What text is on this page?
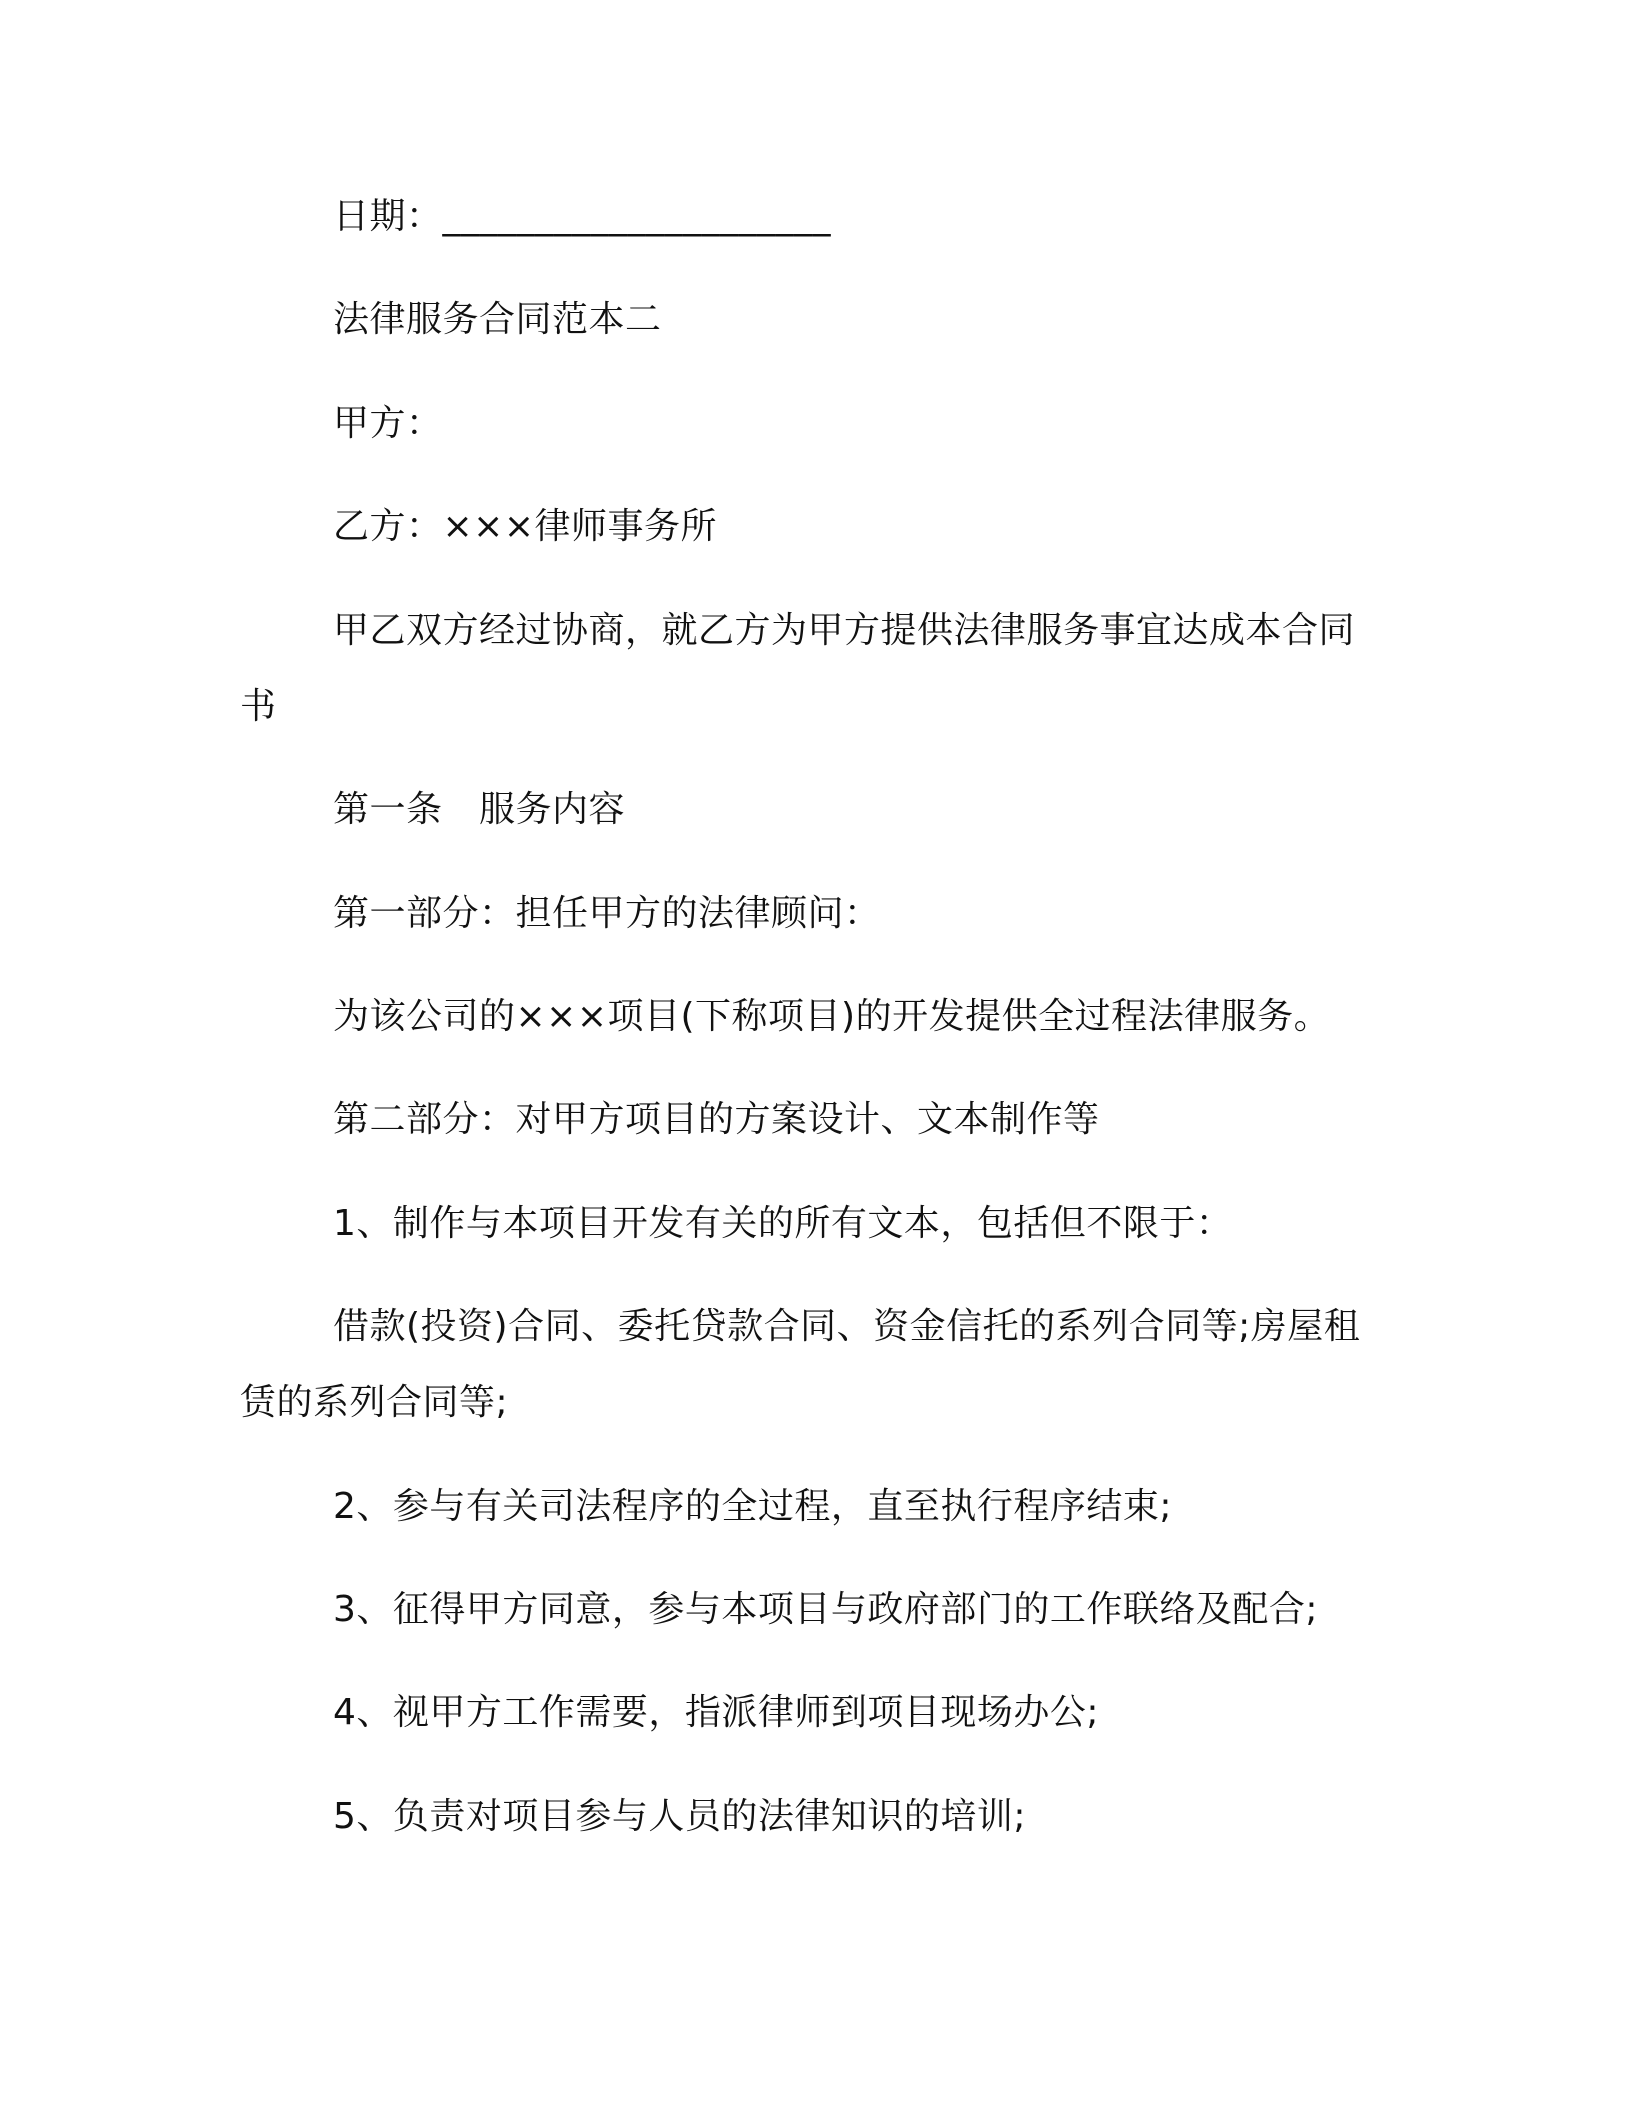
日期：_____________________
法律服务合同范本二
甲方：
乙方：×××律师事务所
甲乙双方经过协商，就乙方为甲方提供法律服务事宜达成本合同
书
第一条　服务内容
第一部分：担任甲方的法律顾问：
为该公司的×××项目(下称项目)的开发提供全过程法律服务。
第二部分：对甲方项目的方案设计、文本制作等
1、制作与本项目开发有关的所有文本，包括但不限于：
借款(投资)合同、委托贷款合同、资金信托的系列合同等;房屋租
赁的系列合同等;
2、参与有关司法程序的全过程，直至执行程序结束;
3、征得甲方同意，参与本项目与政府部门的工作联络及配合;
4、视甲方工作需要，指派律师到项目现场办公;
5、负责对项目参与人员的法律知识的培训;
